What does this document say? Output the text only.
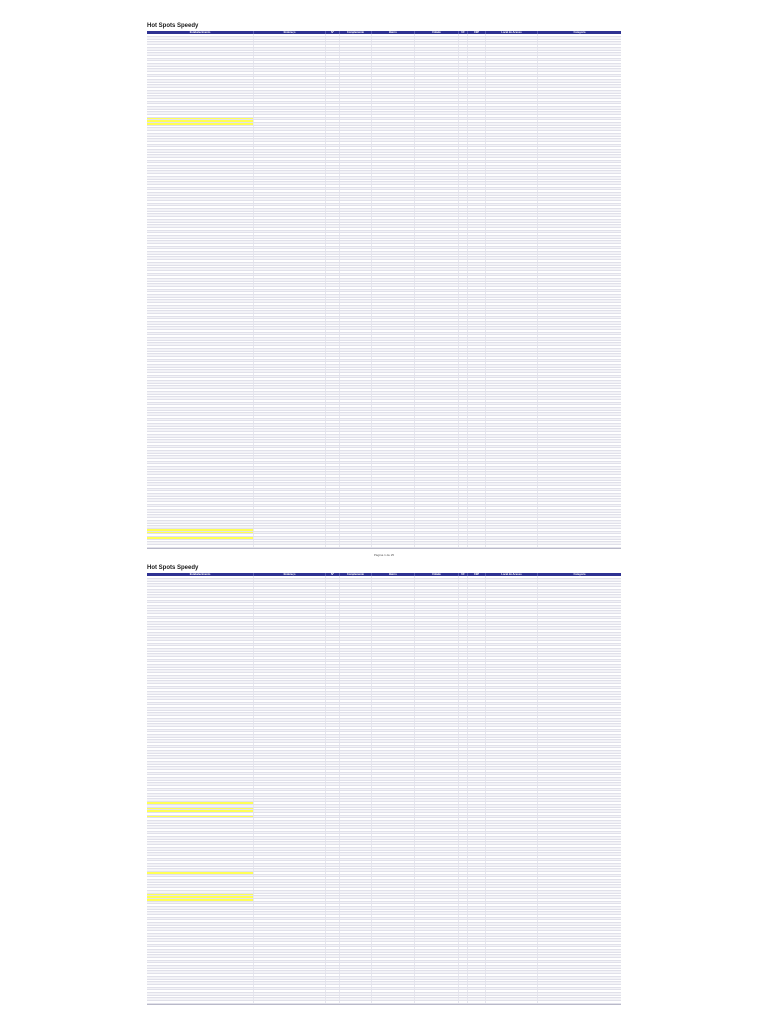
Hot Spots Speedy
Estabelecimento	Endereço	Nº	Complemento	Bairro	Cidade	UF	CEP	Local do Acesso	Categoria
Página 1 de 25
Hot Spots Speedy
Estabelecimento	Endereço	Nº	Complemento	Bairro	Cidade	UF	CEP	Local do Acesso	Categoria
